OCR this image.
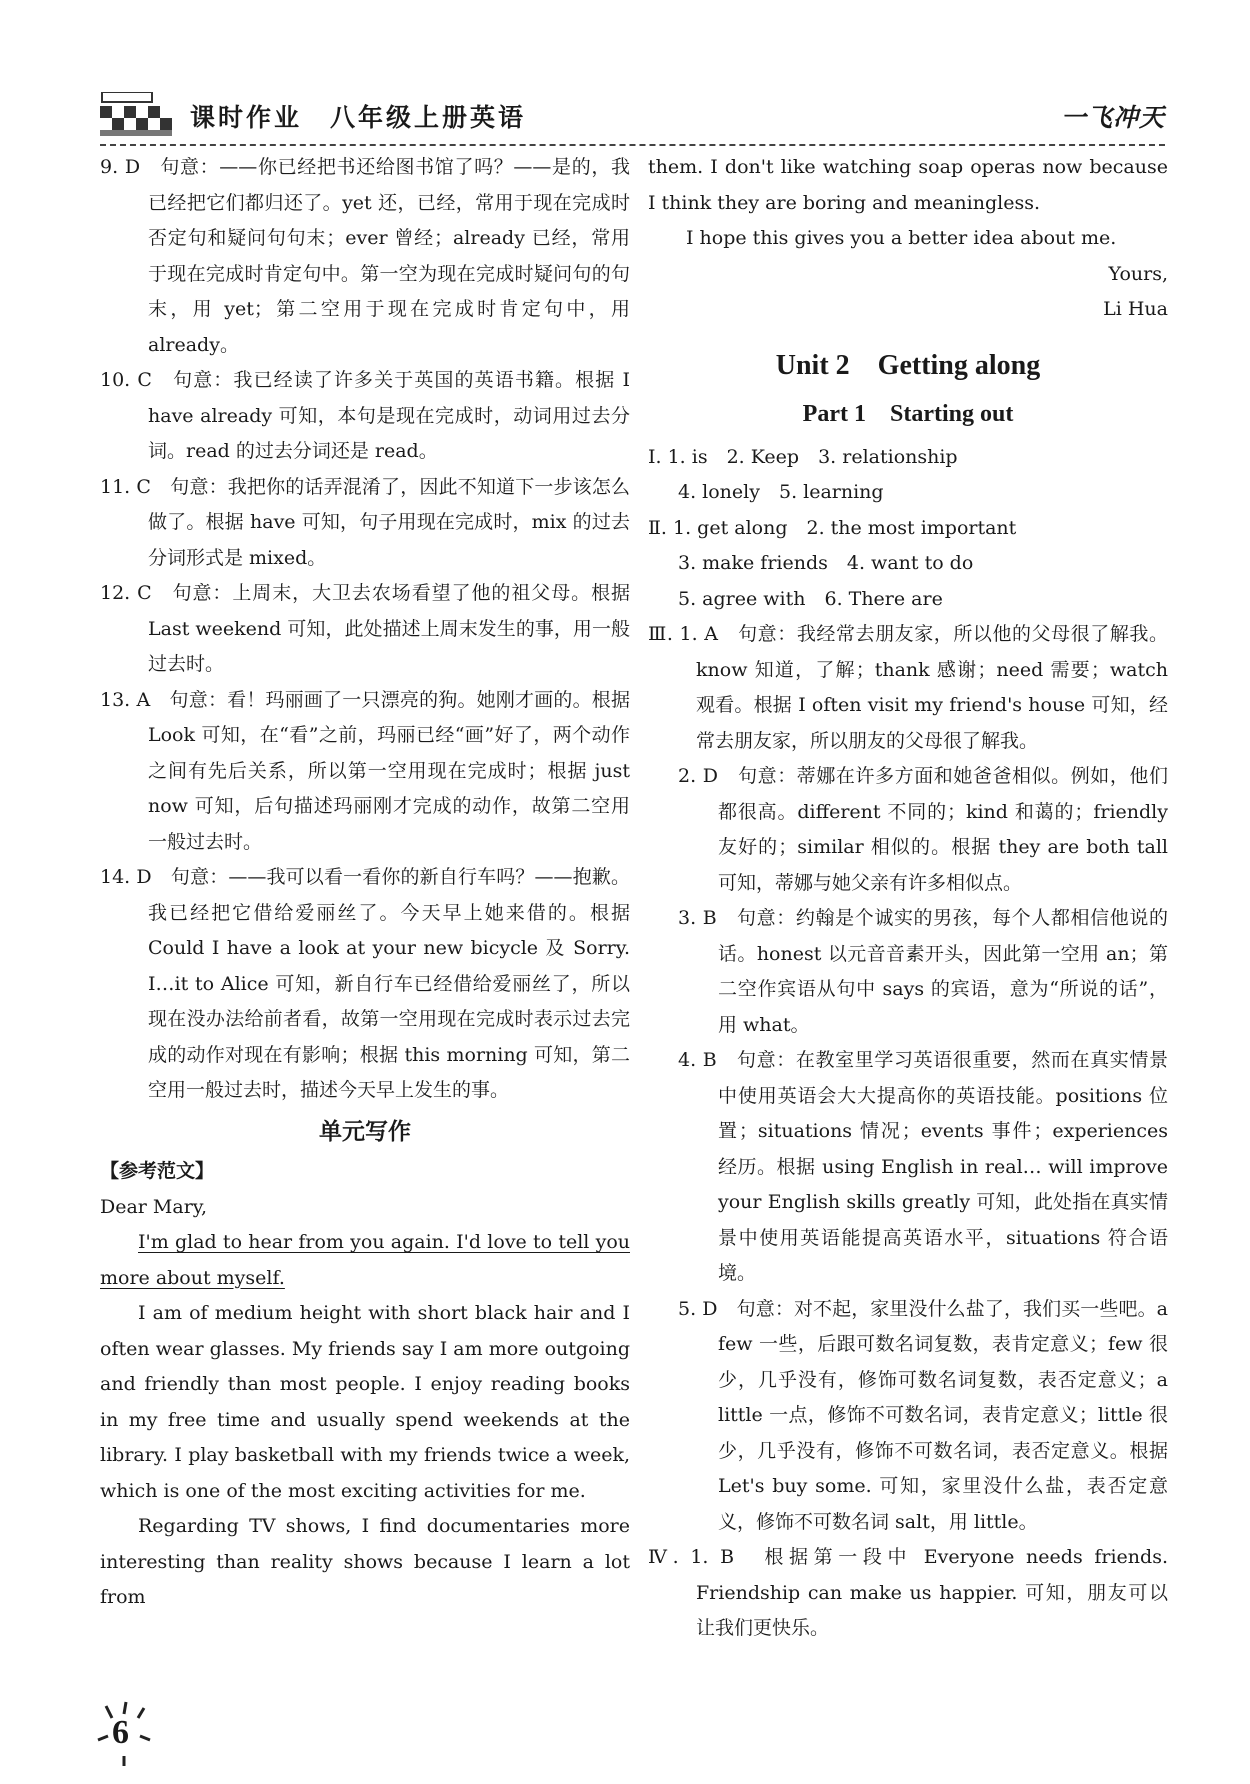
课时作业　八年级上册英语	一飞冲天

9. D　句意：——你已经把书还给图书馆了吗？——是的，我已经把它们都归还了。yet 还，已经，常用于现在完成时否定句和疑问句句末；ever 曾经；already 已经，常用于现在完成时肯定句中。第一空为现在完成时疑问句的句末，用 yet；第二空用于现在完成时肯定句中，用 already。

10. C　句意：我已经读了许多关于英国的英语书籍。根据 I have already 可知，本句是现在完成时，动词用过去分词。read 的过去分词还是 read。

11. C　句意：我把你的话弄混淆了，因此不知道下一步该怎么做了。根据 have 可知，句子用现在完成时，mix 的过去分词形式是 mixed。

12. C　句意：上周末，大卫去农场看望了他的祖父母。根据 Last weekend 可知，此处描述上周末发生的事，用一般过去时。

13. A　句意：看！玛丽画了一只漂亮的狗。她刚才画的。根据 Look 可知，在“看”之前，玛丽已经“画”好了，两个动作之间有先后关系，所以第一空用现在完成时；根据 just now 可知，后句描述玛丽刚才完成的动作，故第二空用一般过去时。

14. D　句意：——我可以看一看你的新自行车吗？——抱歉。我已经把它借给爱丽丝了。今天早上她来借的。根据 Could I have a look at your new bicycle 及 Sorry. I…it to Alice 可知，新自行车已经借给爱丽丝了，所以现在没办法给前者看，故第一空用现在完成时表示过去完成的动作对现在有影响；根据 this morning 可知，第二空用一般过去时，描述今天早上发生的事。

单元写作

【参考范文】

Dear Mary,

I'm glad to hear from you again. I'd love to tell you more about myself.

I am of medium height with short black hair and I often wear glasses. My friends say I am more outgoing and friendly than most people. I enjoy reading books in my free time and usually spend weekends at the library. I play basketball with my friends twice a week, which is one of the most exciting activities for me.

Regarding TV shows, I find documentaries more interesting than reality shows because I learn a lot from

them. I don't like watching soap operas now because I think they are boring and meaningless.

I hope this gives you a better idea about me.

Yours,

Li Hua

Unit 2　Getting along
Part 1　Starting out

Ⅰ. 1. is　2. Keep　3. relationship

4. lonely　5. learning

Ⅱ. 1. get along　2. the most important

3. make friends　4. want to do

5. agree with　6. There are

Ⅲ. 1. A　句意：我经常去朋友家，所以他的父母很了解我。know 知道，了解；thank 感谢；need 需要；watch 观看。根据 I often visit my friend's house 可知，经常去朋友家，所以朋友的父母很了解我。

2. D　句意：蒂娜在许多方面和她爸爸相似。例如，他们都很高。different 不同的；kind 和蔼的；friendly 友好的；similar 相似的。根据 they are both tall 可知，蒂娜与她父亲有许多相似点。

3. B　句意：约翰是个诚实的男孩，每个人都相信他说的话。honest 以元音音素开头，因此第一空用 an；第二空作宾语从句中 says 的宾语，意为“所说的话”，用 what。

4. B　句意：在教室里学习英语很重要，然而在真实情景中使用英语会大大提高你的英语技能。positions 位置；situations 情况；events 事件；experiences 经历。根据 using English in real… will improve your English skills greatly 可知，此处指在真实情景中使用英语能提高英语水平，situations 符合语境。

5. D　句意：对不起，家里没什么盐了，我们买一些吧。a few 一些，后跟可数名词复数，表肯定意义；few 很少，几乎没有，修饰可数名词复数，表否定意义；a little 一点，修饰不可数名词，表肯定意义；little 很少，几乎没有，修饰不可数名词，表否定意义。根据 Let's buy some. 可知，家里没什么盐，表否定意义，修饰不可数名词 salt，用 little。

Ⅳ. 1. B　根据第一段中 Everyone needs friends. Friendship can make us happier. 可知，朋友可以让我们更快乐。

6
